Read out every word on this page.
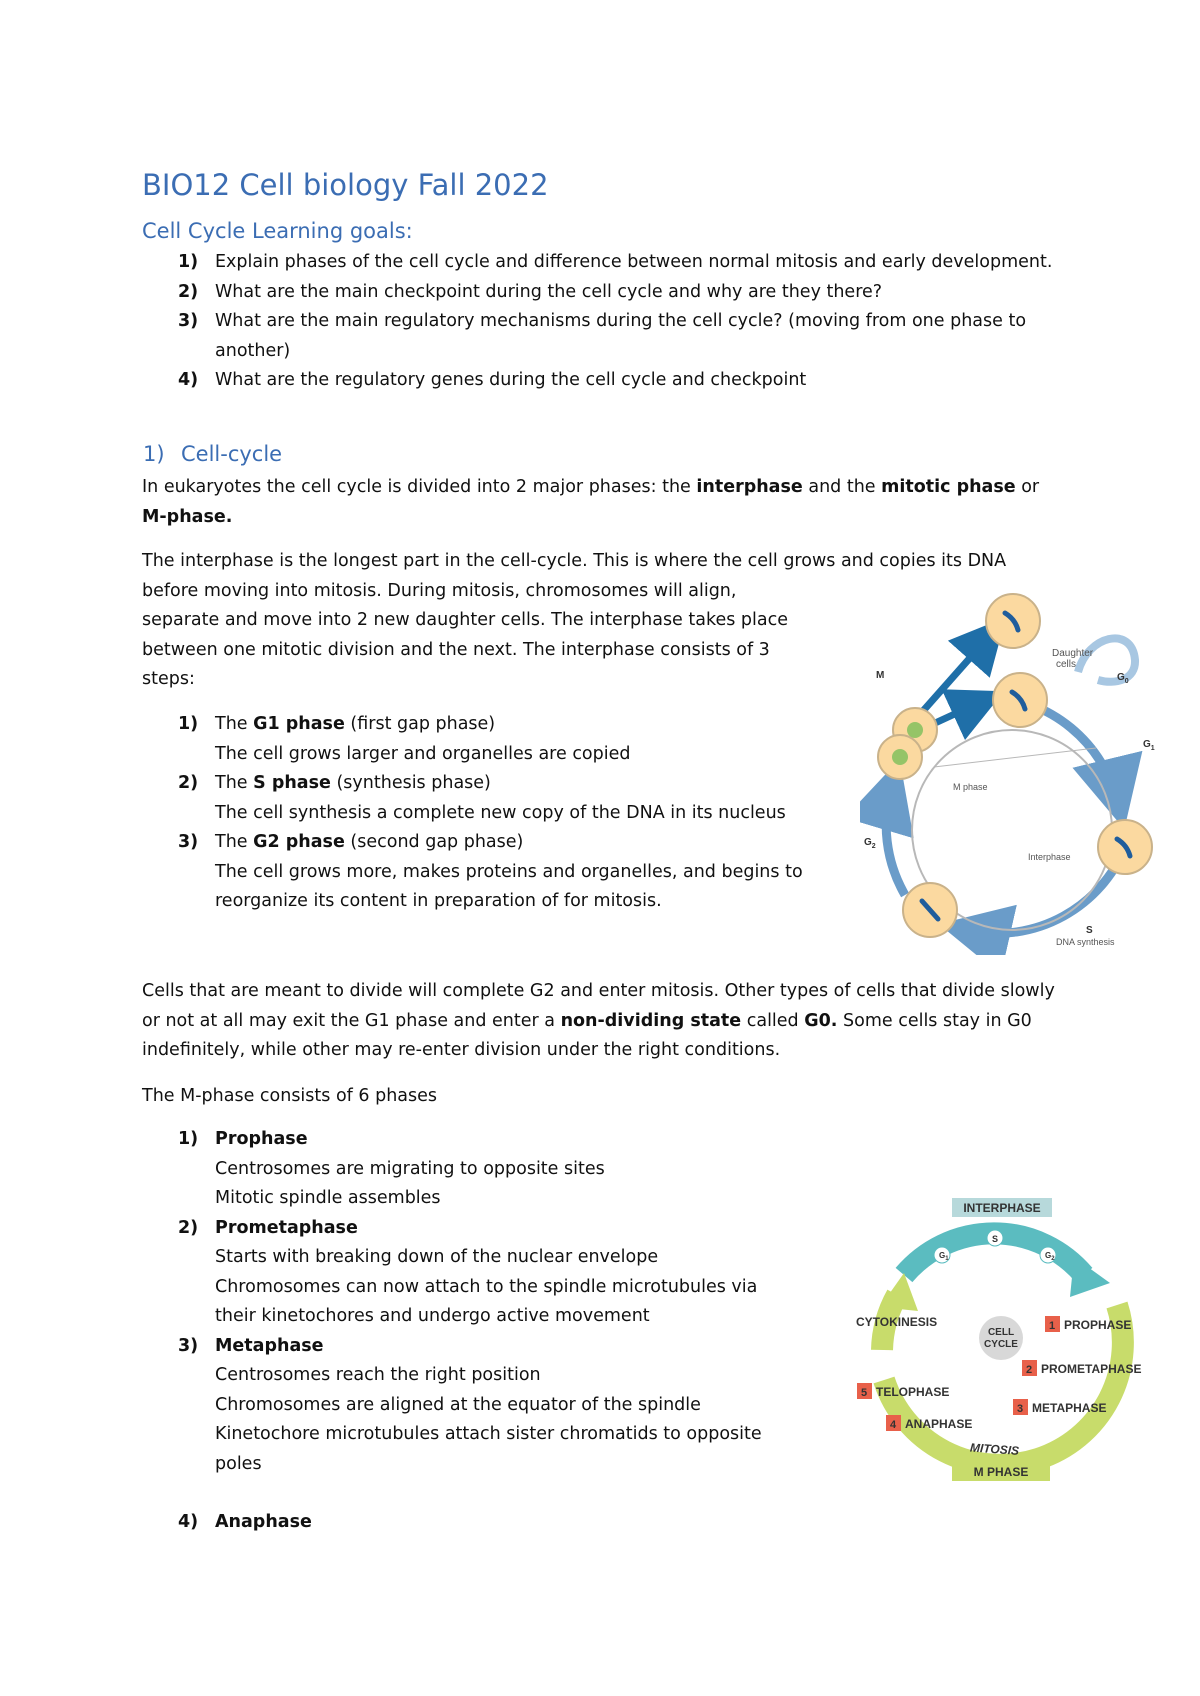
BIO12 Cell biology Fall 2022
Cell Cycle Learning goals:
1) Explain phases of the cell cycle and difference between normal mitosis and early development.
2) What are the main checkpoint during the cell cycle and why are they there?
3) What are the main regulatory mechanisms during the cell cycle? (moving from one phase to another)
4) What are the regulatory genes during the cell cycle and checkpoint
1) Cell-cycle
In eukaryotes the cell cycle is divided into 2 major phases: the interphase and the mitotic phase or
M-phase.
The interphase is the longest part in the cell-cycle. This is where the cell grows and copies its DNA
before moving into mitosis. During mitosis, chromosomes will align,
separate and move into 2 new daughter cells. The interphase takes place
between one mitotic division and the next. The interphase consists of 3
steps:
1) The G1 phase (first gap phase)
The cell grows larger and organelles are copied
2) The S phase (synthesis phase)
The cell synthesis a complete new copy of the DNA in its nucleus
3) The G2 phase (second gap phase)
The cell grows more, makes proteins and organelles, and begins to reorganize its content in preparation of for mitosis.
Cells that are meant to divide will complete G2 and enter mitosis. Other types of cells that divide slowly or not at all may exit the G1 phase and enter a non-dividing state called G0. Some cells stay in G0 indefinitely, while other may re-enter division under the right conditions.
The M-phase consists of 6 phases
1) Prophase
Centrosomes are migrating to opposite sites
Mitotic spindle assembles
2) Prometaphase
Starts with breaking down of the nuclear envelope
Chromosomes can now attach to the spindle microtubules via their kinetochores and undergo active movement
3) Metaphase
Centrosomes reach the right position
Chromosomes are aligned at the equator of the spindle
Kinetochore microtubules attach sister chromatids to opposite poles
4) Anaphase
M phase
Interphase
M
Daughter
cells
$G_0$
$G_1$
$G_2$
S
DNA synthesis
CELL
CYCLE
INTERPHASE
S
$G_1$	$G_2$
CYTOKINESIS	1 PROPHASE
2 PROMETAPHASE
3 METAPHASE
5 TELOPHASE
4 ANAPHASE
MITOSIS
M PHASE
